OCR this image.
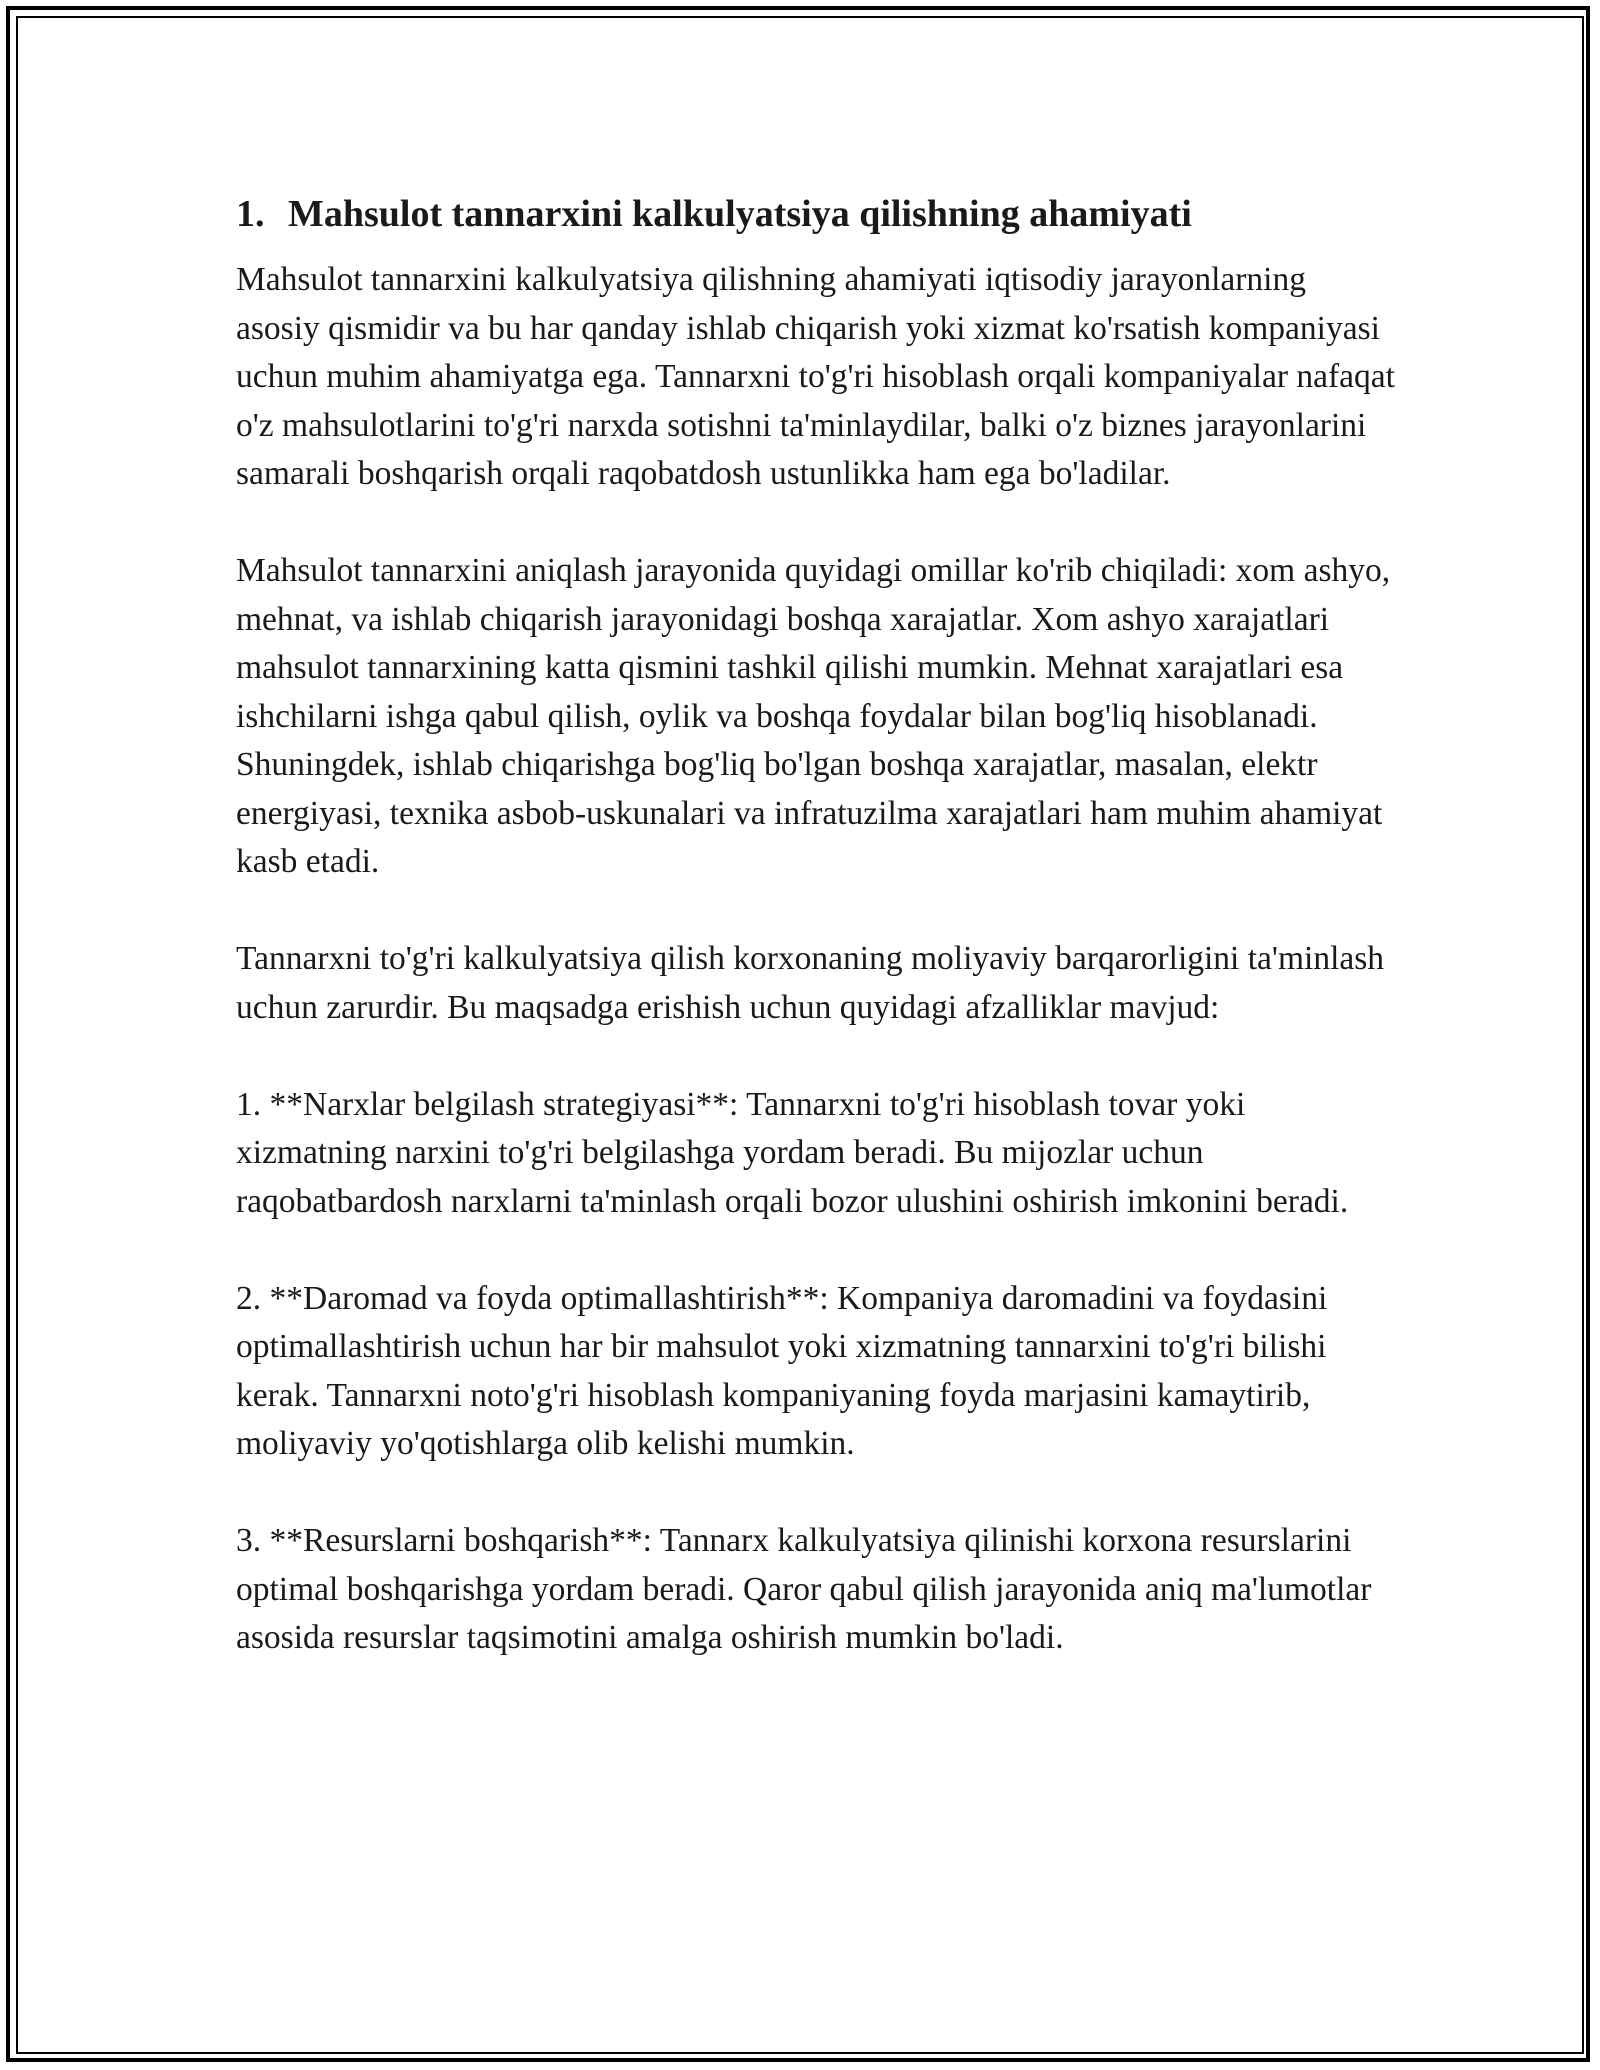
1. Mahsulot tannarxini kalkulyatsiya qilishning ahamiyati

Mahsulot tannarxini kalkulyatsiya qilishning ahamiyati iqtisodiy jarayonlarning asosiy qismidir va bu har qanday ishlab chiqarish yoki xizmat ko'rsatish kompaniyasi uchun muhim ahamiyatga ega. Tannarxni to'g'ri hisoblash orqali kompaniyalar nafaqat o'z mahsulotlarini to'g'ri narxda sotishni ta'minlaydilar, balki o'z biznes jarayonlarini samarali boshqarish orqali raqobatdosh ustunlikka ham ega bo'ladilar.

Mahsulot tannarxini aniqlash jarayonida quyidagi omillar ko'rib chiqiladi: xom ashyo, mehnat, va ishlab chiqarish jarayonidagi boshqa xarajatlar. Xom ashyo xarajatlari mahsulot tannarxining katta qismini tashkil qilishi mumkin. Mehnat xarajatlari esa ishchilarni ishga qabul qilish, oylik va boshqa foydalar bilan bog'liq hisoblanadi. Shuningdek, ishlab chiqarishga bog'liq bo'lgan boshqa xarajatlar, masalan, elektr energiyasi, texnika asbob-uskunalari va infratuzilma xarajatlari ham muhim ahamiyat kasb etadi.

Tannarxni to'g'ri kalkulyatsiya qilish korxonaning moliyaviy barqarorligini ta'minlash uchun zarurdir. Bu maqsadga erishish uchun quyidagi afzalliklar mavjud:

1. **Narxlar belgilash strategiyasi**: Tannarxni to'g'ri hisoblash tovar yoki xizmatning narxini to'g'ri belgilashga yordam beradi. Bu mijozlar uchun raqobatbardosh narxlarni ta'minlash orqali bozor ulushini oshirish imkonini beradi.

2. **Daromad va foyda optimallashtirish**: Kompaniya daromadini va foydasini optimallashtirish uchun har bir mahsulot yoki xizmatning tannarxini to'g'ri bilishi kerak. Tannarxni noto'g'ri hisoblash kompaniyaning foyda marjasini kamaytirib, moliyaviy yo'qotishlarga olib kelishi mumkin.

3. **Resurslarni boshqarish**: Tannarx kalkulyatsiya qilinishi korxona resurslarini optimal boshqarishga yordam beradi. Qaror qabul qilish jarayonida aniq ma'lumotlar asosida resurslar taqsimotini amalga oshirish mumkin bo'ladi.
